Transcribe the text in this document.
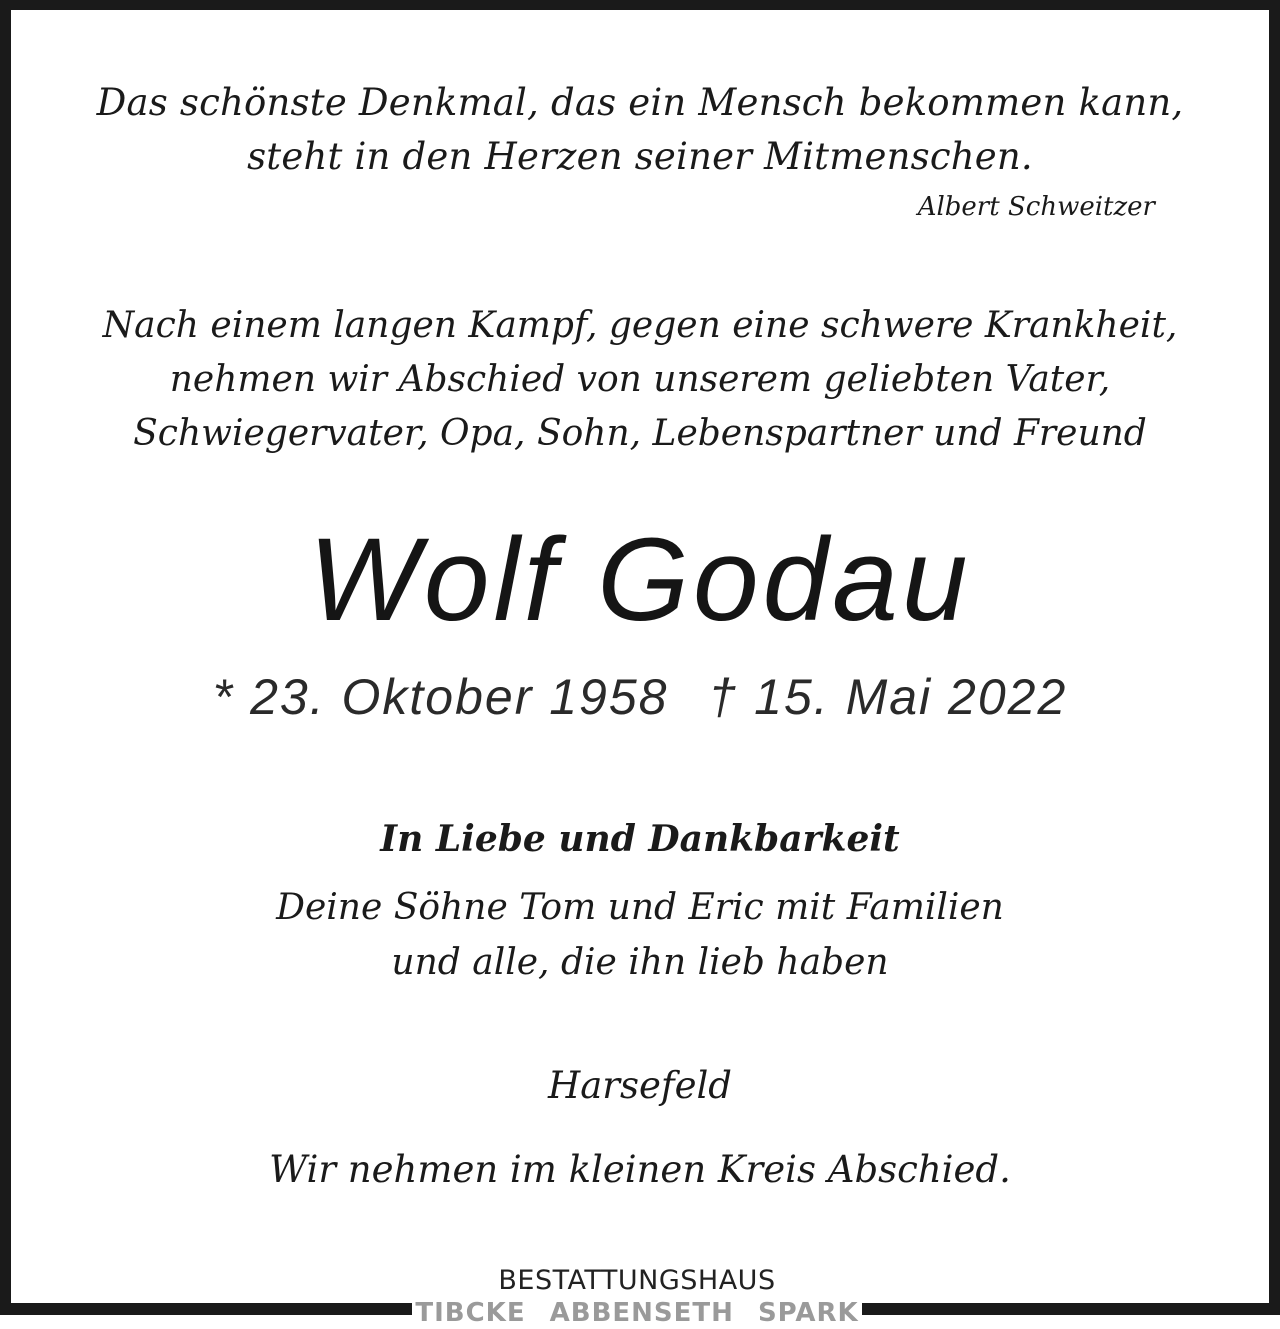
Das schönste Denkmal, das ein Mensch bekommen kann,
steht in den Herzen seiner Mitmenschen.
Albert Schweitzer
Nach einem langen Kampf, gegen eine schwere Krankheit,
nehmen wir Abschied von unserem geliebten Vater,
Schwiegervater, Opa, Sohn, Lebenspartner und Freund
Wolf Godau
* 23. Oktober 1958 † 15. Mai 2022
In Liebe und Dankbarkeit
Deine Söhne Tom und Eric mit Familien
und alle, die ihn lieb haben
Harsefeld
Wir nehmen im kleinen Kreis Abschied.
BESTATTUNGSHAUS
TIBCKE ABBENSETH SPARK
